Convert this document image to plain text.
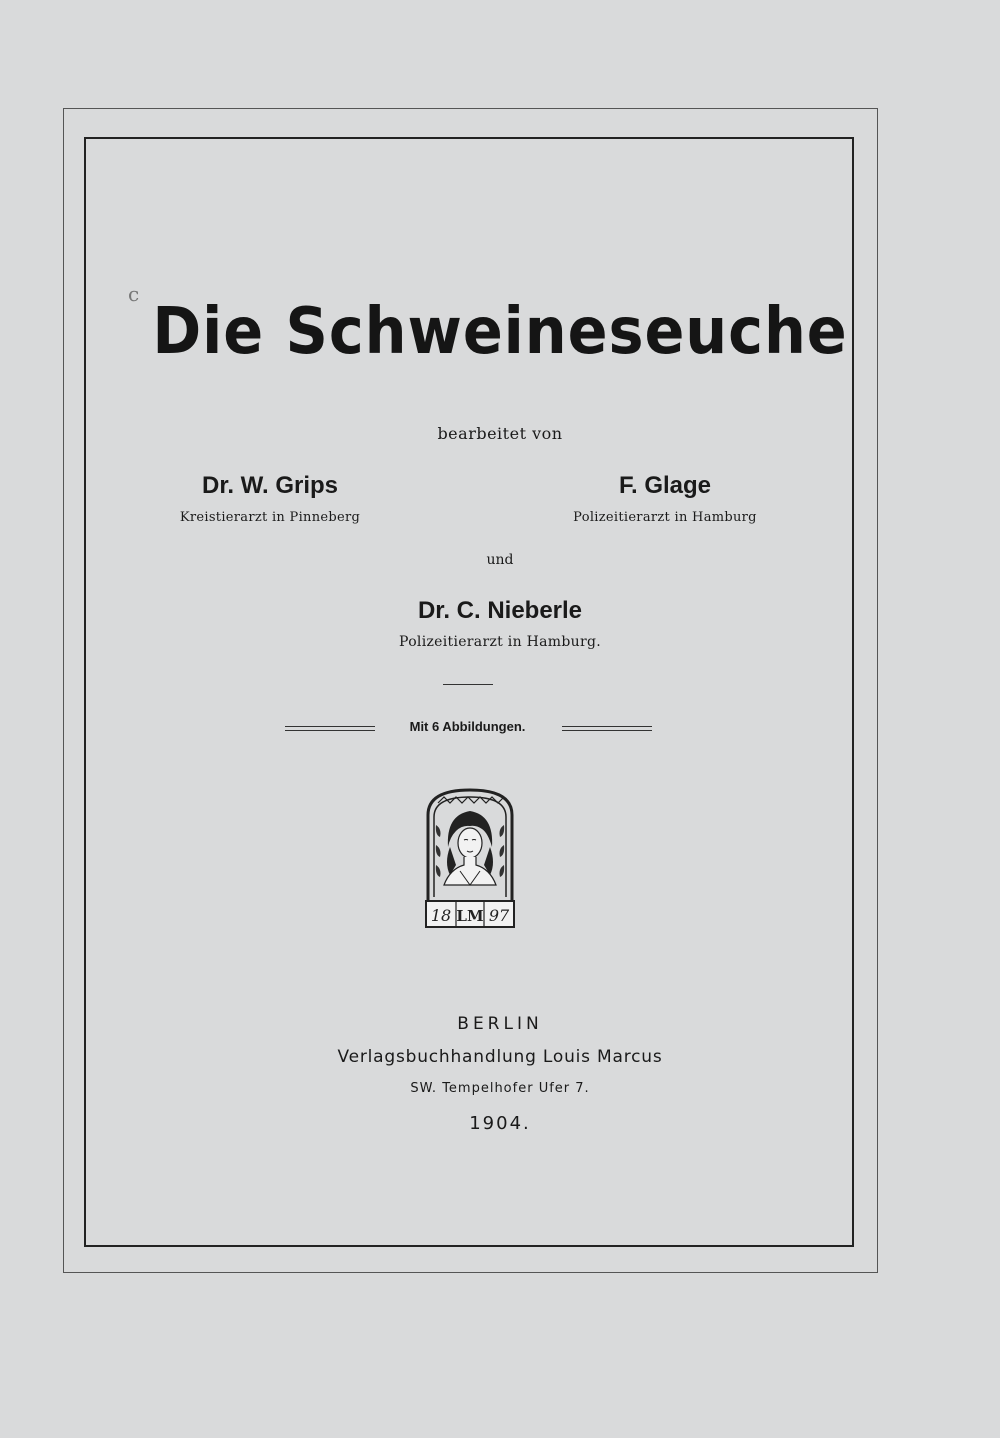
c
Die Schweineseuche
bearbeitet von
Dr. W. Grips
Kreistierarzt in Pinneberg
F. Glage
Polizeitierarzt in Hamburg
und
Dr. C. Nieberle
Polizeitierarzt in Hamburg.
Mit 6 Abbildungen.
18 LM 97
BERLIN
Verlagsbuchhandlung Louis Marcus
SW. Tempelhofer Ufer 7.
1904.
